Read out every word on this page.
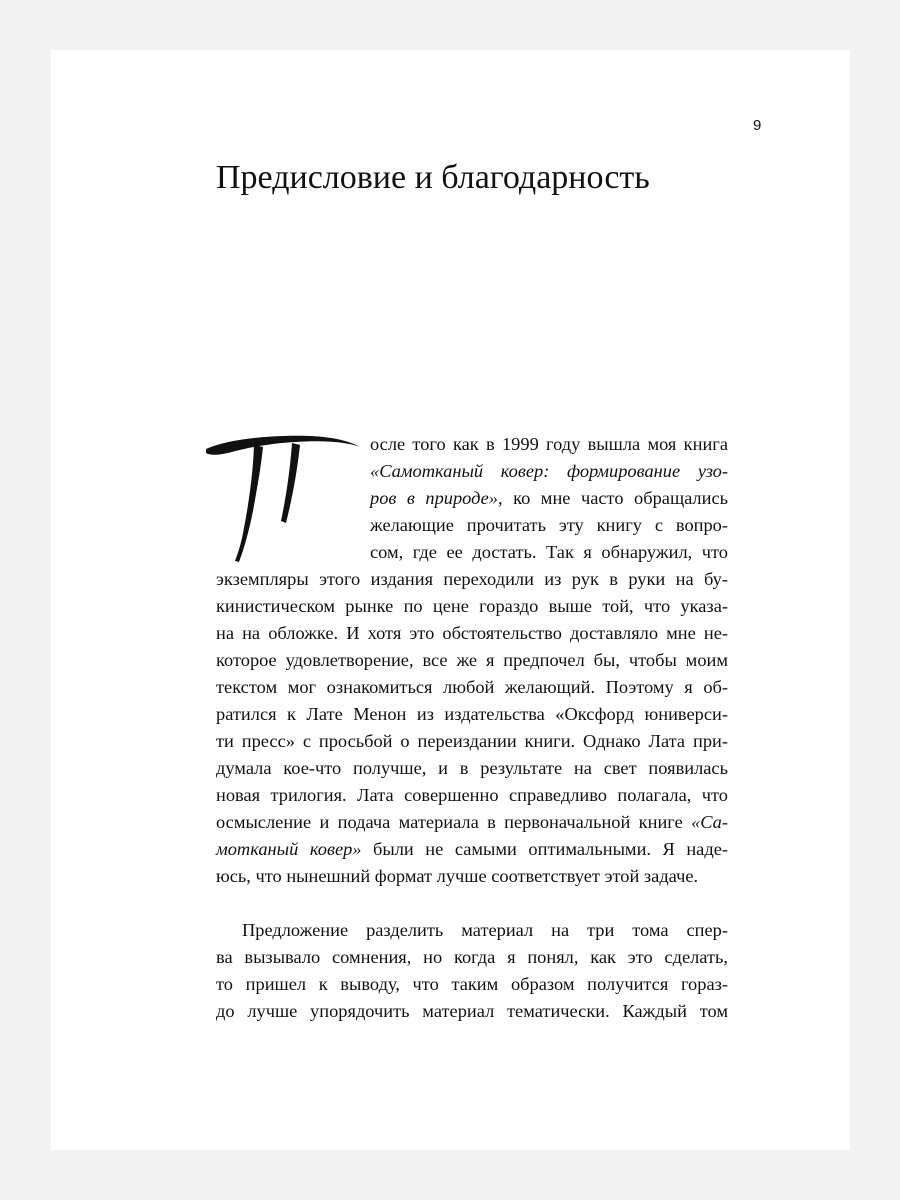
9
Предисловие и благодарность
осле того как в 1999 году вышла моя книга
«Самотканый ковер: формирование узо-
ров в природе», ко мне часто обращались
желающие прочитать эту книгу с вопро-
сом, где ее достать. Так я обнаружил, что
экземпляры этого издания переходили из рук в руки на бу-
кинистическом рынке по цене гораздо выше той, что указа-
на на обложке. И хотя это обстоятельство доставляло мне не-
которое удовлетворение, все же я предпочел бы, чтобы моим
текстом мог ознакомиться любой желающий. Поэтому я об-
ратился к Лате Менон из издательства «Оксфорд юниверси-
ти пресс» с просьбой о переиздании книги. Однако Лата при-
думала кое-что получше, и в результате на свет появилась
новая трилогия. Лата совершенно справедливо полагала, что
осмысление и подача материала в первоначальной книге «Са-
мотканый ковер» были не самыми оптимальными. Я наде-
юсь, что нынешний формат лучше соответствует этой задаче.
Предложение разделить материал на три тома спер-
ва вызывало сомнения, но когда я понял, как это сделать,
то пришел к выводу, что таким образом получится горaз-
до лучше упорядочить материал тематически. Каждый том
